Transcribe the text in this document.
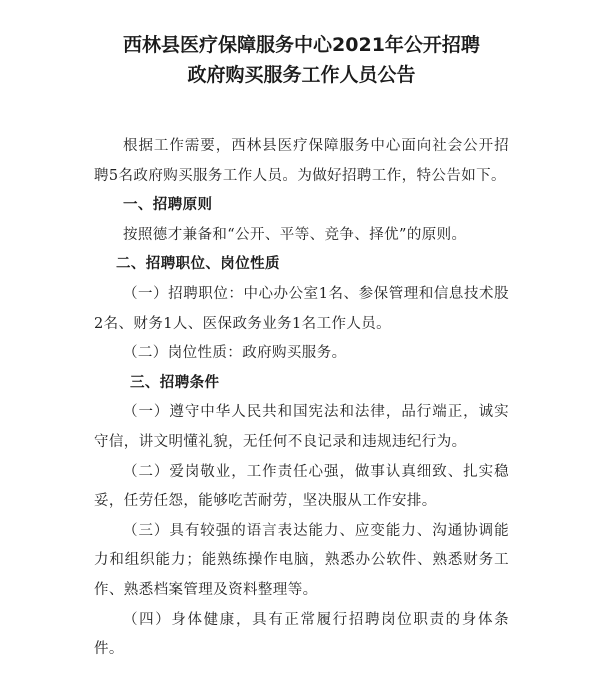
西林县医疗保障服务中心2021年公开招聘
政府购买服务工作人员公告

根据工作需要，西林县医疗保障服务中心面向社会公开招聘5名政府购买服务工作人员。为做好招聘工作，特公告如下。

一、招聘原则

按照德才兼备和“公开、平等、竞争、择优”的原则。

二、招聘职位、岗位性质

（一）招聘职位：中心办公室1名、参保管理和信息技术股2名、财务1人、医保政务业务1名工作人员。

（二）岗位性质：政府购买服务。

三、招聘条件

（一）遵守中华人民共和国宪法和法律，品行端正，诚实守信，讲文明懂礼貌，无任何不良记录和违规违纪行为。

（二）爱岗敬业，工作责任心强，做事认真细致、扎实稳妥，任劳任怨，能够吃苦耐劳，坚决服从工作安排。

（三）具有较强的语言表达能力、应变能力、沟通协调能力和组织能力；能熟练操作电脑，熟悉办公软件、熟悉财务工作、熟悉档案管理及资料整理等。

（四）身体健康，具有正常履行招聘岗位职责的身体条件。
